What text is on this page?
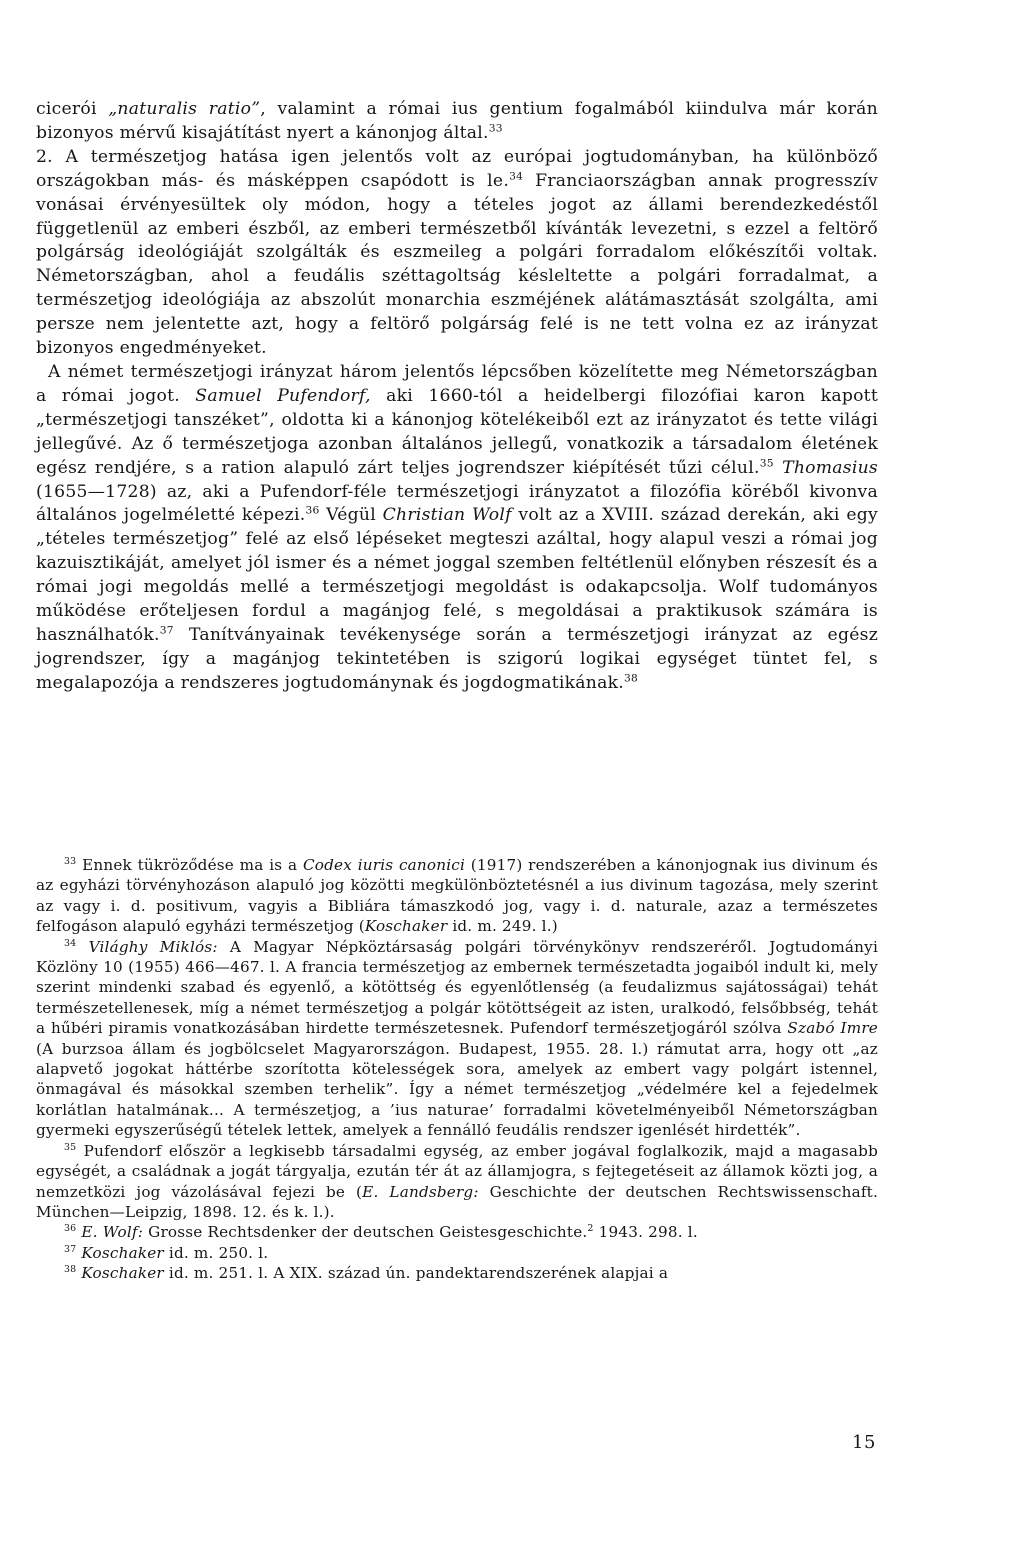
cicerói „naturalis ratio”, valamint a római ius gentium fogalmából kiindulva már korán bizonyos mérvű kisajátítást nyert a kánonjog által.$^{33}$

2. A természetjog hatása igen jelentős volt az európai jogtudományban, ha különböző országokban más- és másképpen csapódott is le.$^{34}$ Franciaországban annak progresszív vonásai érvényesültek oly módon, hogy a tételes jogot az állami berendezkedéstől függetlenül az emberi észből, az emberi természetből kívánták levezetni, s ezzel a feltörő polgárság ideológiáját szolgálták és eszmeileg a polgári forradalom előkészítői voltak. Németországban, ahol a feudális széttagoltság késleltette a polgári forradalmat, a természetjog ideológiája az abszolút monarchia eszméjének alátámasztását szolgálta, ami persze nem jelentette azt, hogy a feltörő polgárság felé is ne tett volna ez az irányzat bizonyos engedményeket.

A német természetjogi irányzat három jelentős lépcsőben közelítette meg Németországban a római jogot. Samuel Pufendorf, aki 1660-tól a heidelbergi filozófiai karon kapott „természetjogi tanszéket”, oldotta ki a kánonjog kötelékeiből ezt az irányzatot és tette világi jellegűvé. Az ő természetjoga azonban általános jellegű, vonatkozik a társadalom életének egész rendjére, s a ration alapuló zárt teljes jogrendszer kiépítését tűzi célul.$^{35}$ Thomasius (1655—1728) az, aki a Pufendorf-féle természetjogi irányzatot a filozófia köréből kivonva általános jogelméletté képezi.$^{36}$ Végül Christian Wolf volt az a XVIII. század derekán, aki egy „tételes természetjog” felé az első lépéseket megteszi azáltal, hogy alapul veszi a római jog kazuisztikáját, amelyet jól ismer és a német joggal szemben feltétlenül előnyben részesít és a római jogi megoldás mellé a természetjogi megoldást is odakapcsolja. Wolf tudományos működése erőteljesen fordul a magánjog felé, s megoldásai a praktikusok számára is használhatók.$^{37}$ Tanítványainak tevékenysége során a természetjogi irányzat az egész jogrendszer, így a magánjog tekintetében is szigorú logikai egységet tüntet fel, s megalapozója a rendszeres jogtudománynak és jogdogmatikának.$^{38}$

$^{33}$ Ennek tükröződése ma is a Codex iuris canonici (1917) rendszerében a kánonjognak ius divinum és az egyházi törvényhozáson alapuló jog közötti megkülönböztetésnél a ius divinum tagozása, mely szerint az vagy i. d. positivum, vagyis a Bibliára támaszkodó jog, vagy i. d. naturale, azaz a természetes felfogáson alapuló egyházi természetjog (Koschaker id. m. 249. l.)

$^{34}$ Világhy Miklós: A Magyar Népköztársaság polgári törvénykönyv rendszeréről. Jogtudományi Közlöny 10 (1955) 466—467. l. A francia természetjog az embernek természetadta jogaiból indult ki, mely szerint mindenki szabad és egyenlő, a kötöttség és egyenlőtlenség (a feudalizmus sajátosságai) tehát természetellenesek, míg a német természetjog a polgár kötöttségeit az isten, uralkodó, felsőbbség, tehát a hűbéri piramis vonatkozásában hirdette természetesnek. Pufendorf természetjogáról szólva Szabó Imre (A burzsoa állam és jogbölcselet Magyarországon. Budapest, 1955. 28. l.) rámutat arra, hogy ott „az alapvető jogokat háttérbe szorította kötelességek sora, amelyek az embert vagy polgárt istennel, önmagával és másokkal szemben terhelik”. Így a német természetjog „védelmére kel a fejedelmek korlátlan hatalmának... A természetjog, a ’ius naturae’ forradalmi követelményeiből Németországban gyermeki egyszerűségű tételek lettek, amelyek a fennálló feudális rendszer igenlését hirdették”.

$^{35}$ Pufendorf először a legkisebb társadalmi egység, az ember jogával foglalkozik, majd a magasabb egységét, a családnak a jogát tárgyalja, ezután tér át az államjogra, s fejtegetéseit az államok közti jog, a nemzetközi jog vázolásával fejezi be (E. Landsberg: Geschichte der deutschen Rechtswissenschaft. München—Leipzig, 1898. 12. és k. l.).

$^{36}$ E. Wolf: Grosse Rechtsdenker der deutschen Geistesgeschichte.$^2$ 1943. 298. l.

$^{37}$ Koschaker id. m. 250. l.

$^{38}$ Koschaker id. m. 251. l. A XIX. század ún. pandektarendszerének alapjai a

15
